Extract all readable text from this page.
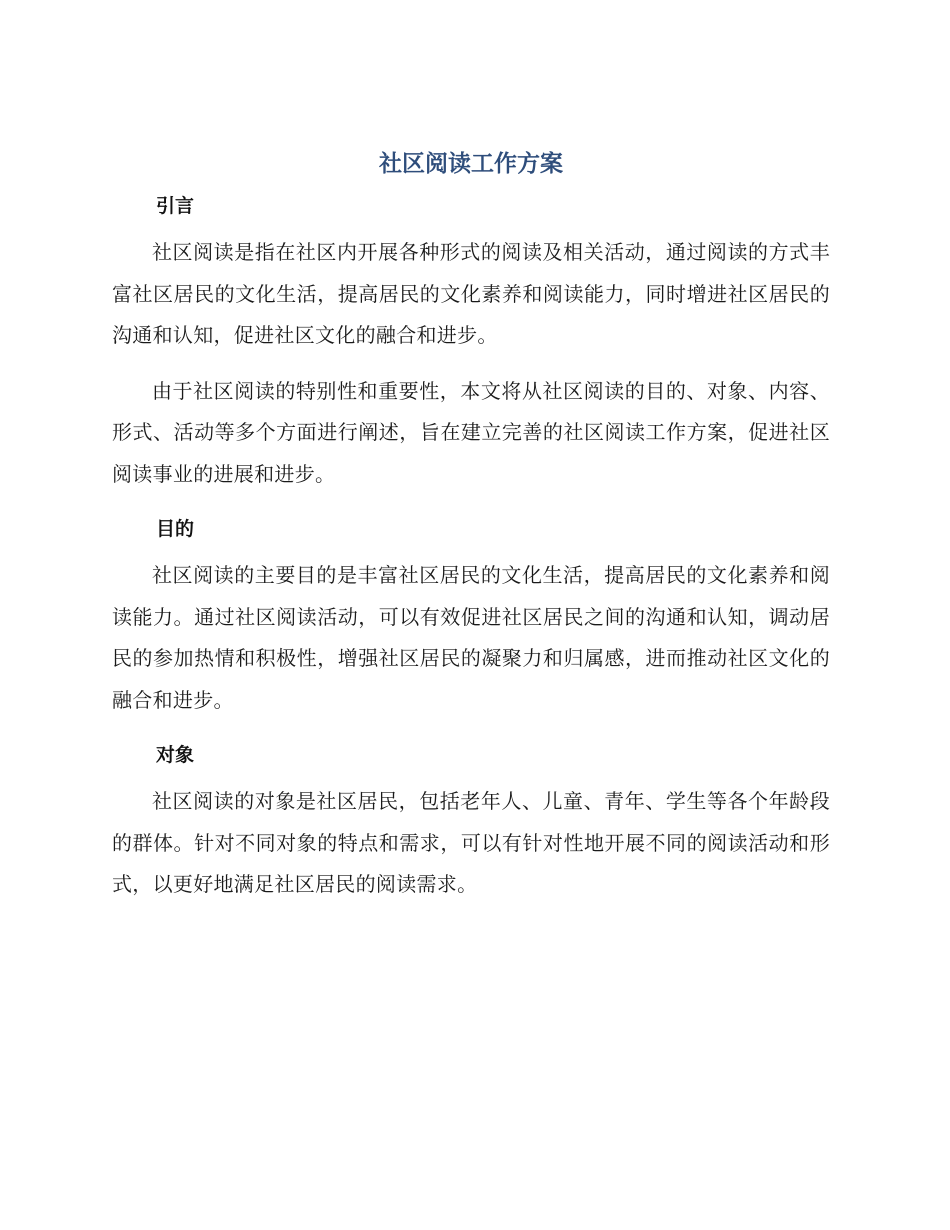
社区阅读工作方案
引言

社区阅读是指在社区内开展各种形式的阅读及相关活动，通过阅读的方式丰富社区居民的文化生活，提高居民的文化素养和阅读能力，同时增进社区居民的沟通和认知，促进社区文化的融合和进步。

由于社区阅读的特别性和重要性，本文将从社区阅读的目的、对象、内容、形式、活动等多个方面进行阐述，旨在建立完善的社区阅读工作方案，促进社区阅读事业的进展和进步。

目的

社区阅读的主要目的是丰富社区居民的文化生活，提高居民的文化素养和阅读能力。通过社区阅读活动，可以有效促进社区居民之间的沟通和认知，调动居民的参加热情和积极性，增强社区居民的凝聚力和归属感，进而推动社区文化的融合和进步。

对象

社区阅读的对象是社区居民，包括老年人、儿童、青年、学生等各个年龄段的群体。针对不同对象的特点和需求，可以有针对性地开展不同的阅读活动和形式，以更好地满足社区居民的阅读需求。
